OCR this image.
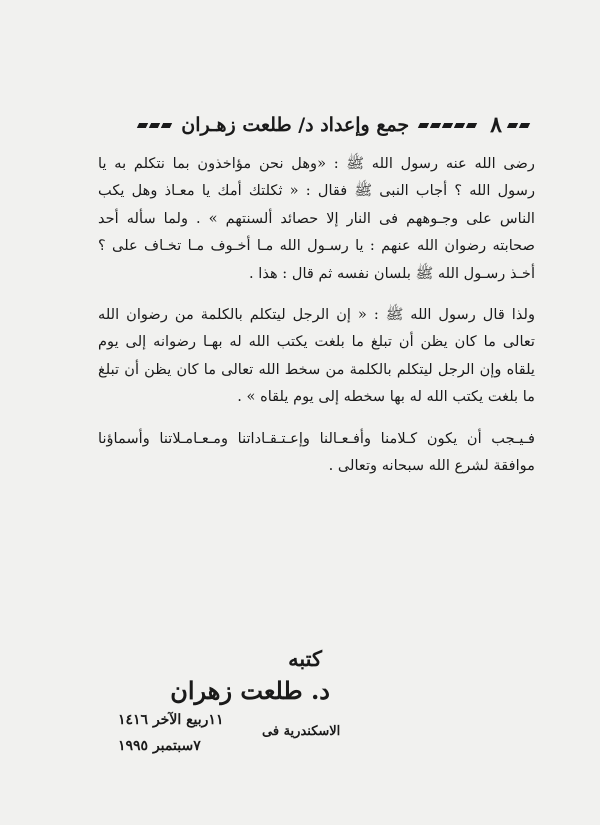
٨
جمع وإعداد د/ طلعت زهـران

رضى الله عنه رسول الله ﷺ : «وهل نحن مؤاخذون بما نتكلم به يا رسول الله ؟ أجاب النبى ﷺ فقال : « ثكلتك أمك يا معـاذ وهل يكب الناس على وجـوههم فى النار إلا حصائد ألسنتهم » . ولما سأله أحد صحابته رضوان الله عنهم : يا رسـول الله مـا أخـوف مـا تخـاف على ؟ أخـذ رسـول الله ﷺ بلسان نفسه ثم قال : هذا .

ولذا قال رسول الله ﷺ : « إن الرجل ليتكلم بالكلمة من رضوان الله تعالى ما كان يظن أن تبلغ ما بلغت يكتب الله له بهـا رضوانه إلى يوم يلقاه وإن الرجل ليتكلم بالكلمة من سخط الله تعالى ما كان يظن أن تبلغ ما بلغت يكتب الله له بها سخطه إلى يوم يلقاه » .

فـيـجب أن يكون كـلامنا وأفـعـالنا وإعـتـقـاداتنا ومـعـامـلاتنا وأسماؤنا موافقة لشرع الله سبحانه وتعالى .

كتبه
د. طلعت زهران
الاسكندرية فى
١١ربيع الآخر ١٤١٦
٧سبتمبر ١٩٩٥
